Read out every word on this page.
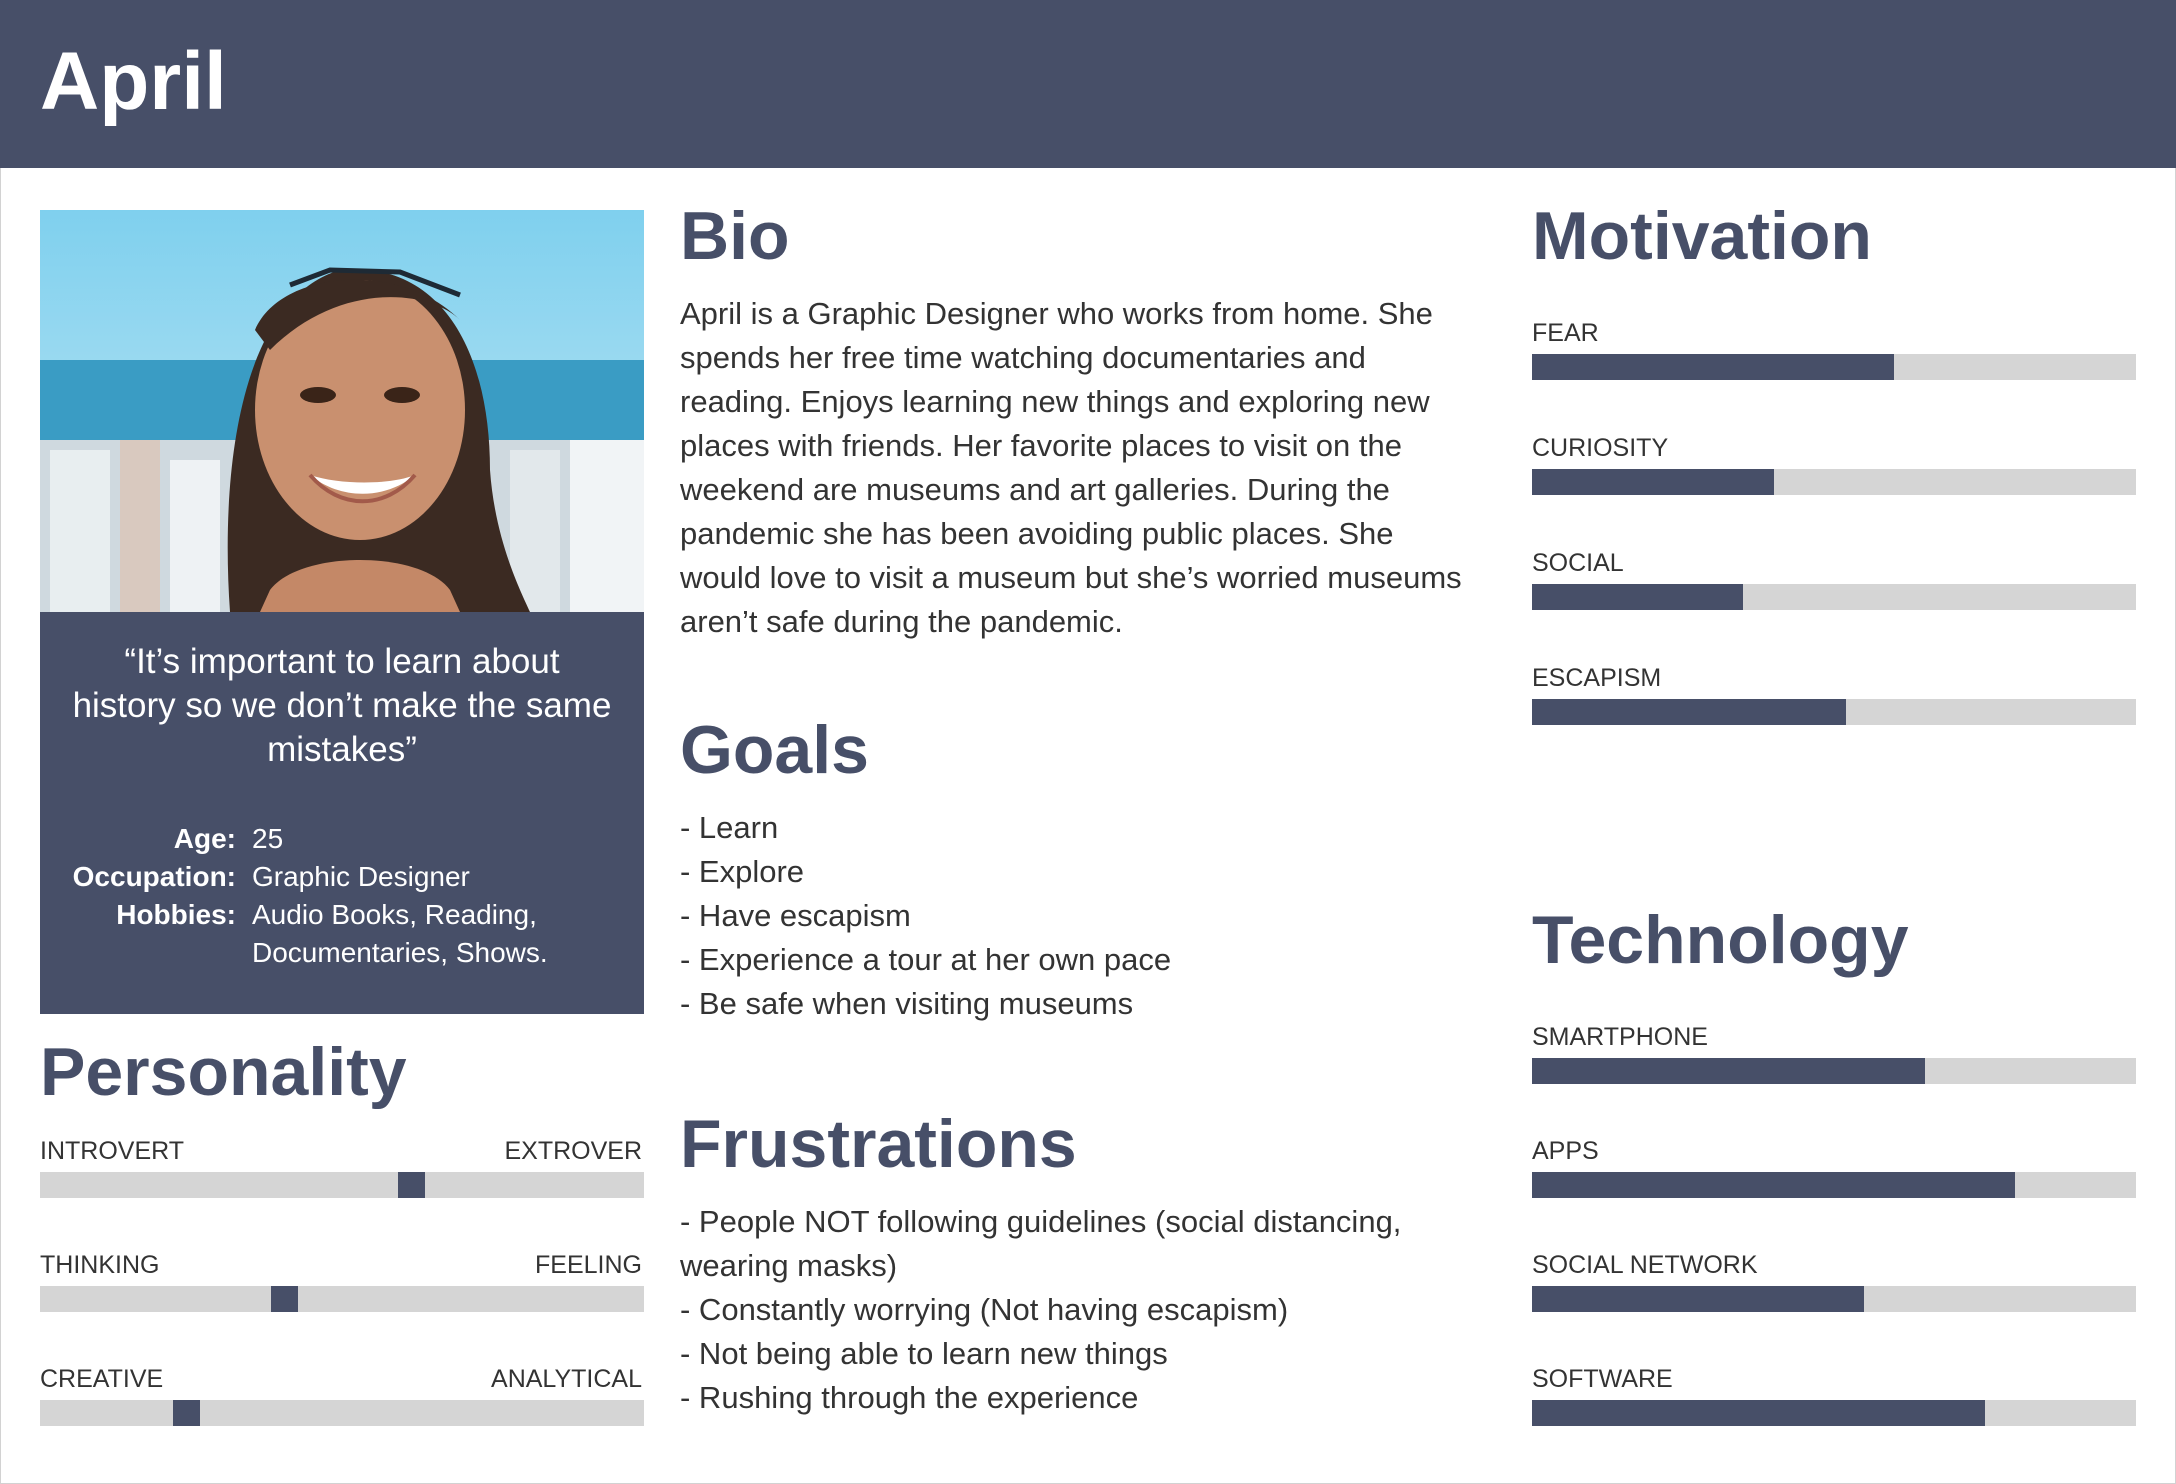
April
“It’s important to learn about history so we don’t make the same mistakes”
Age: 25
Occupation: Graphic Designer
Hobbies: Audio Books, Reading, Documentaries, Shows.
Personality
INTROVERT	EXTROVER
THINKING	FEELING
CREATIVE	ANALYTICAL
Bio
April is a Graphic Designer who works from home. She spends her free time watching documentaries and reading. Enjoys learning new things and exploring new places with friends. Her favorite places to visit on the weekend are museums and art galleries. During the pandemic she has been avoiding public places. She would love to visit a museum but she’s worried museums aren’t safe during the pandemic.
Goals
- Learn
- Explore
- Have escapism
- Experience a tour at her own pace
- Be safe when visiting museums
Frustrations
- People NOT following guidelines (social distancing, wearing masks)
- Constantly worrying (Not having escapism)
- Not being able to learn new things
- Rushing through the experience
Motivation
FEAR
CURIOSITY
SOCIAL
ESCAPISM
Technology
SMARTPHONE
APPS
SOCIAL NETWORK
SOFTWARE
